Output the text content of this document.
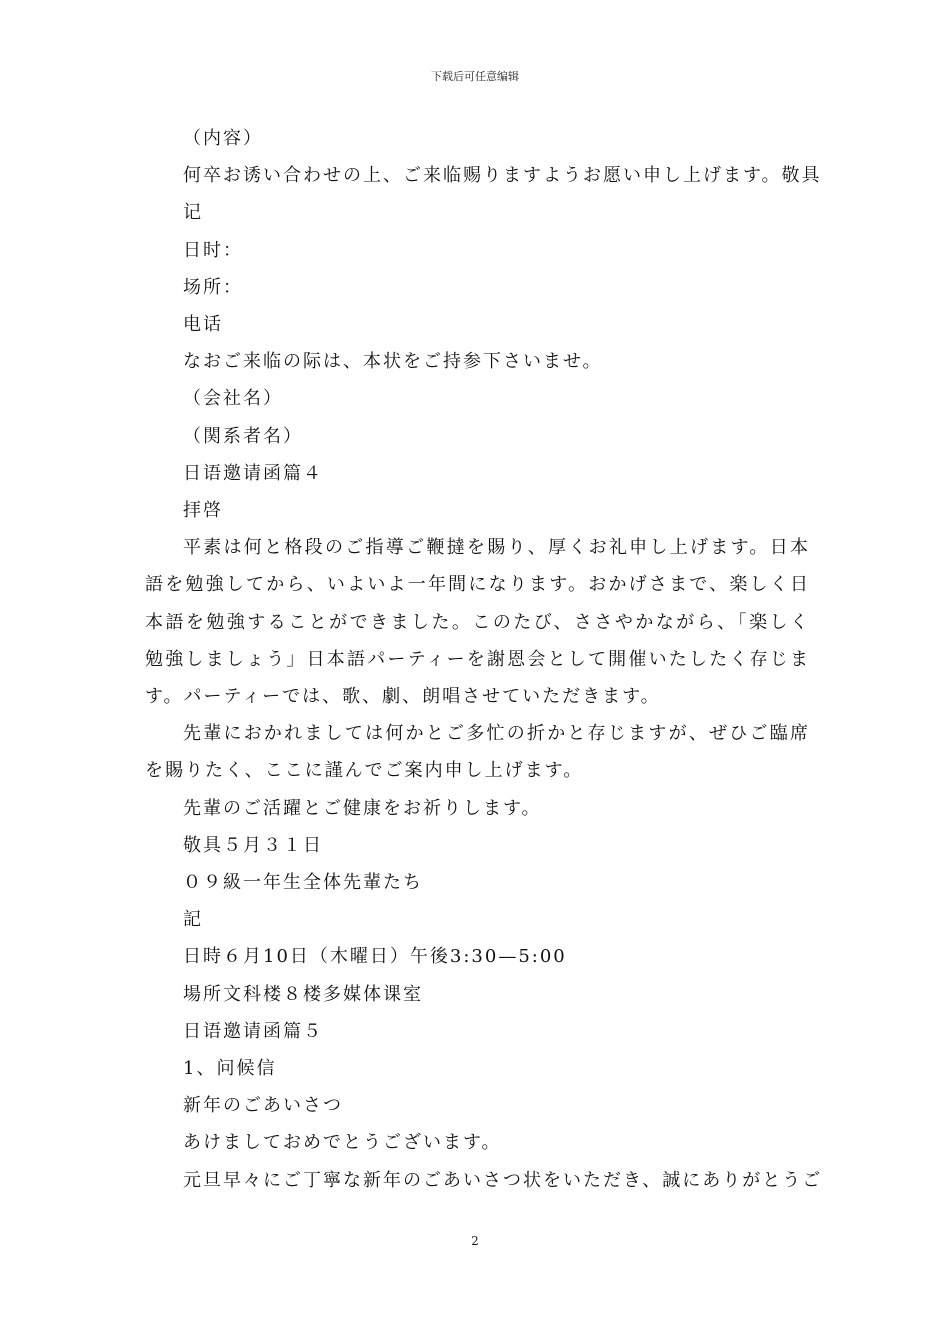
下载后可任意编辑

（内容）

何卒お诱い合わせの上、ご来临赐りますようお愿い申し上げます。敬具

记

日时：

场所：

电话

なおご来临の际は、本状をご持参下さいませ。

（会社名）

（関系者名）

日语邀请函篇４

拝啓

平素は何と格段のご指導ご鞭撻を賜り、厚くお礼申し上げます。日本語を勉強してから、いよいよ一年間になります。おかげさまで、楽しく日本語を勉強することができました。このたび、ささやかながら、「楽しく勉強しましょう」日本語パーティーを謝恩会として開催いたしたく存じます。パーティーでは、歌、劇、朗唱させていただきます。

先輩におかれましては何かとご多忙の折かと存じますが、ぜひご臨席を賜りたく、ここに謹んでご案内申し上げます。

先輩のご活躍とご健康をお祈りします。

敬具５月３１日

０９級一年生全体先輩たち

記

日時６月10日（木曜日）午後3:30—5:00

場所文科楼８楼多媒体课室

日语邀请函篇５

1、问候信

新年のごあいさつ

あけましておめでとうございます。

元旦早々にご丁寧な新年のごあいさつ状をいただき、誠にありがとうご

2
